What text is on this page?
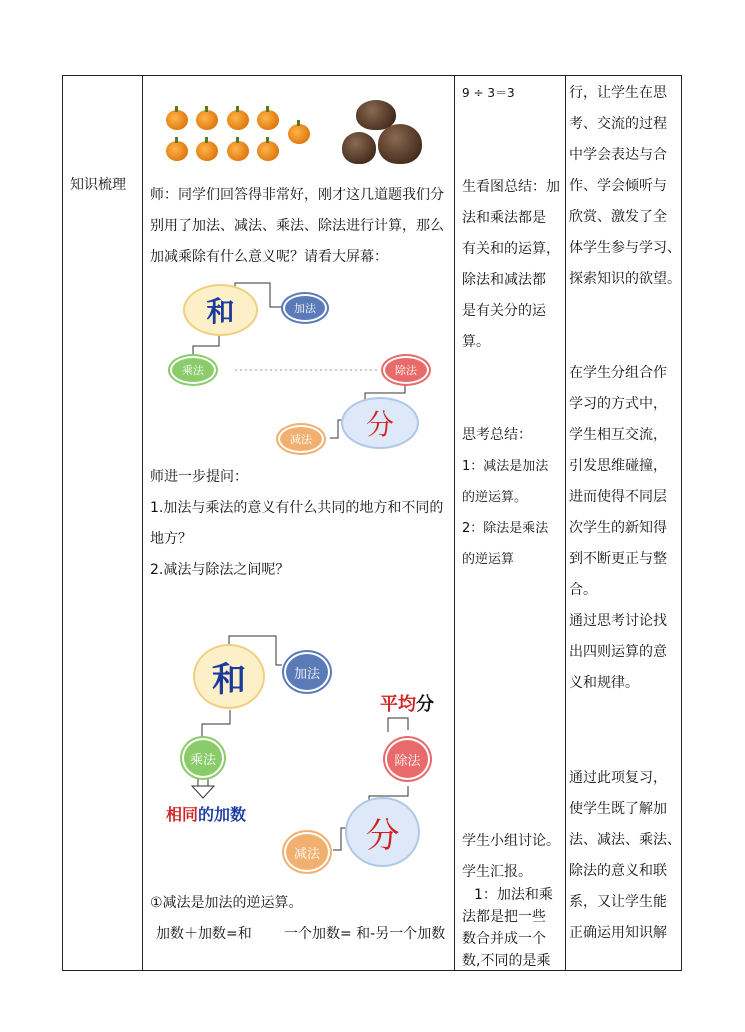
知识梳理
师：同学们回答得非常好，刚才这几道题我们分
别用了加法、减法、乘法、除法进行计算，那么
加减乘除有什么意义呢？请看大屏幕：
和	加法
乘法	除法
分
减法
师进一步提问：
1.加法与乘法的意义有什么共同的地方和不同的
地方？
2.减法与除法之间呢？
和	加法
平均分
乘法	除法
相同的加数
分
减法
①减法是加法的逆运算。
加数＋加数=和 一个加数= 和-另一个加数
9 ÷ 3＝3
生看图总结：加
法和乘法都是
有关和的运算，
除法和减法都
是有关分的运
算。
思考总结：
1：减法是加法
的逆运算。
2：除法是乘法
的逆运算
学生小组讨论。
学生汇报。
1：加法和乘
法都是把一些
数合并成一个
数,不同的是乘
行，让学生在思
考、交流的过程
中学会表达与合
作、学会倾听与
欣赏、激发了全
体学生参与学习、
探索知识的欲望。
在学生分组合作
学习的方式中，
学生相互交流，
引发思维碰撞，
进而使得不同层
次学生的新知得
到不断更正与整
合。
通过思考讨论找
出四则运算的意
义和规律。
通过此项复习，
使学生既了解加
法、减法、乘法、
除法的意义和联
系，又让学生能
正确运用知识解
